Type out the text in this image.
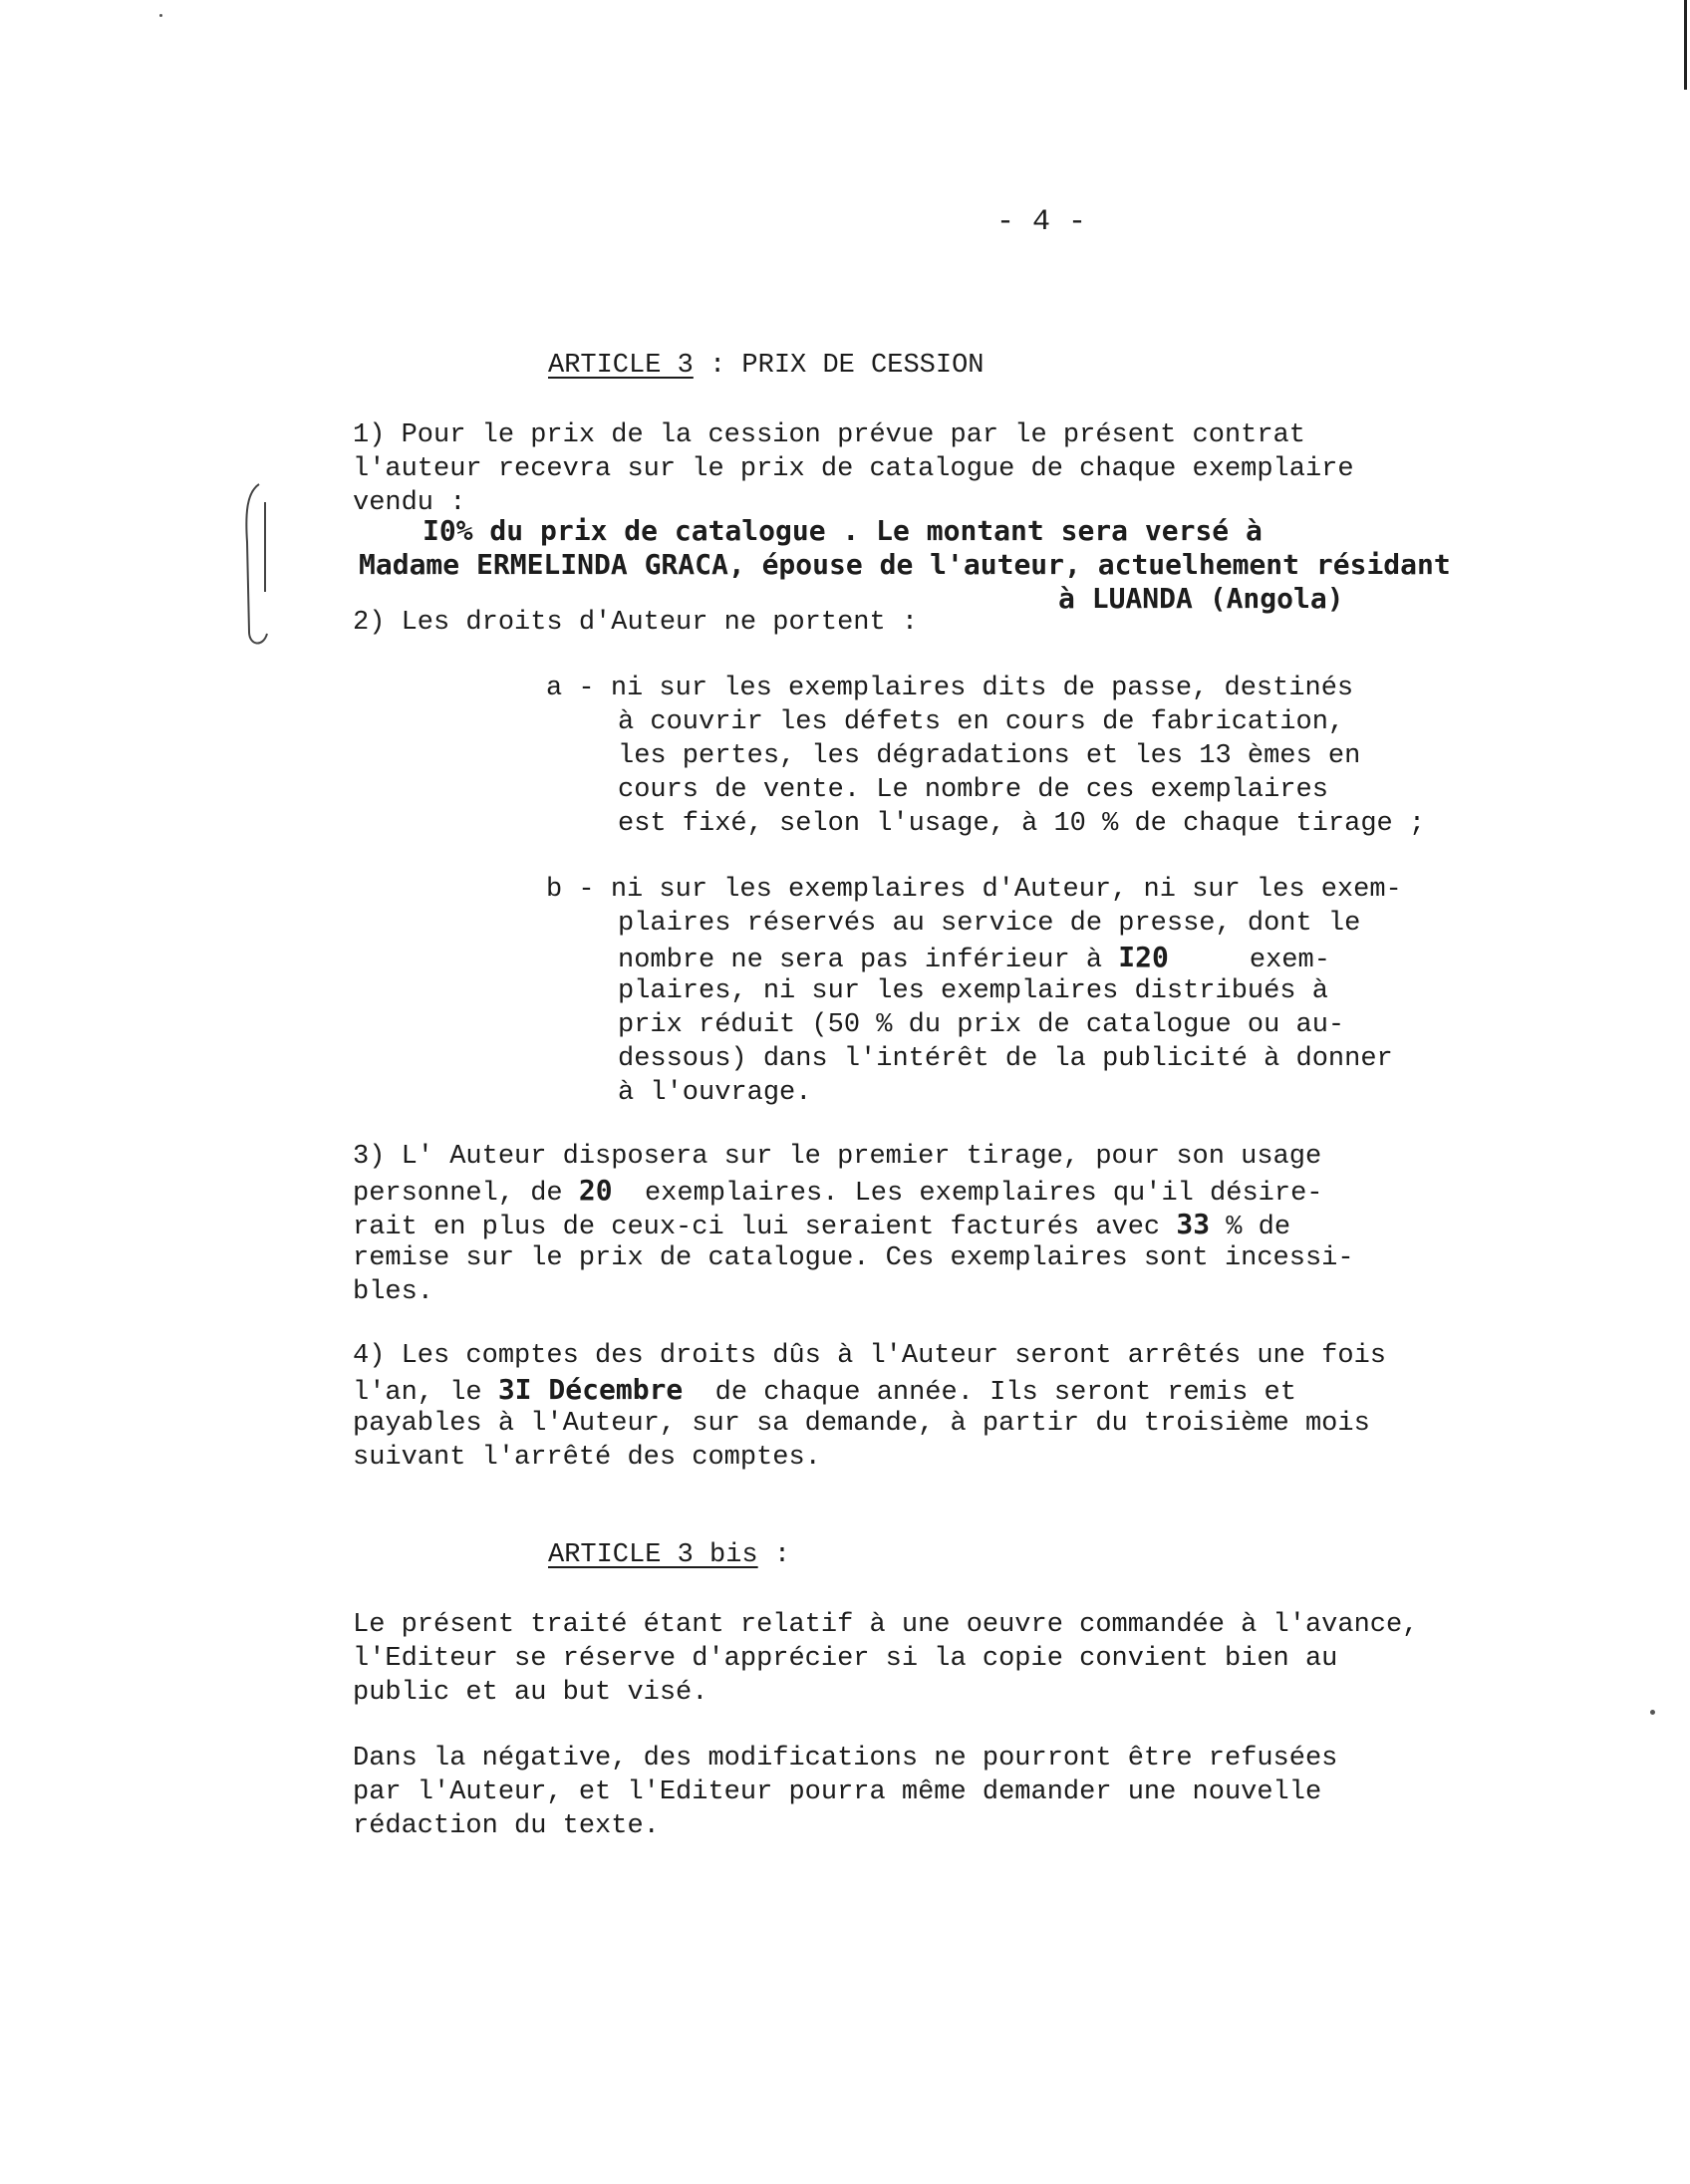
- 4 -
ARTICLE 3 : PRIX DE CESSION
1) Pour le prix de la cession prévue par le présent contrat
l'auteur recevra sur le prix de catalogue de chaque exemplaire
vendu :
I0% du prix de catalogue . Le montant sera versé à
Madame ERMELINDA GRACA, épouse de l'auteur, actuelhement résidant
à LUANDA (Angola)
2) Les droits d'Auteur ne portent :
a - ni sur les exemplaires dits de passe, destinés
à couvrir les défets en cours de fabrication,
les pertes, les dégradations et les 13 èmes en
cours de vente. Le nombre de ces exemplaires
est fixé, selon l'usage, à 10 % de chaque tirage ;
b - ni sur les exemplaires d'Auteur, ni sur les exem-
plaires réservés au service de presse, dont le
nombre ne sera pas inférieur à I20     exem-
plaires, ni sur les exemplaires distribués à
prix réduit (50 % du prix de catalogue ou au-
dessous) dans l'intérêt de la publicité à donner
à l'ouvrage.
3) L' Auteur disposera sur le premier tirage, pour son usage
personnel, de 20  exemplaires. Les exemplaires qu'il désire-
rait en plus de ceux-ci lui seraient facturés avec 33 % de
remise sur le prix de catalogue. Ces exemplaires sont incessi-
bles.
4) Les comptes des droits dûs à l'Auteur seront arrêtés une fois
l'an, le 3I Décembre  de chaque année. Ils seront remis et
payables à l'Auteur, sur sa demande, à partir du troisième mois
suivant l'arrêté des comptes.
ARTICLE 3 bis :
Le présent traité étant relatif à une oeuvre commandée à l'avance,
l'Editeur se réserve d'apprécier si la copie convient bien au
public et au but visé.
Dans la négative, des modifications ne pourront être refusées
par l'Auteur, et l'Editeur pourra même demander une nouvelle
rédaction du texte.
